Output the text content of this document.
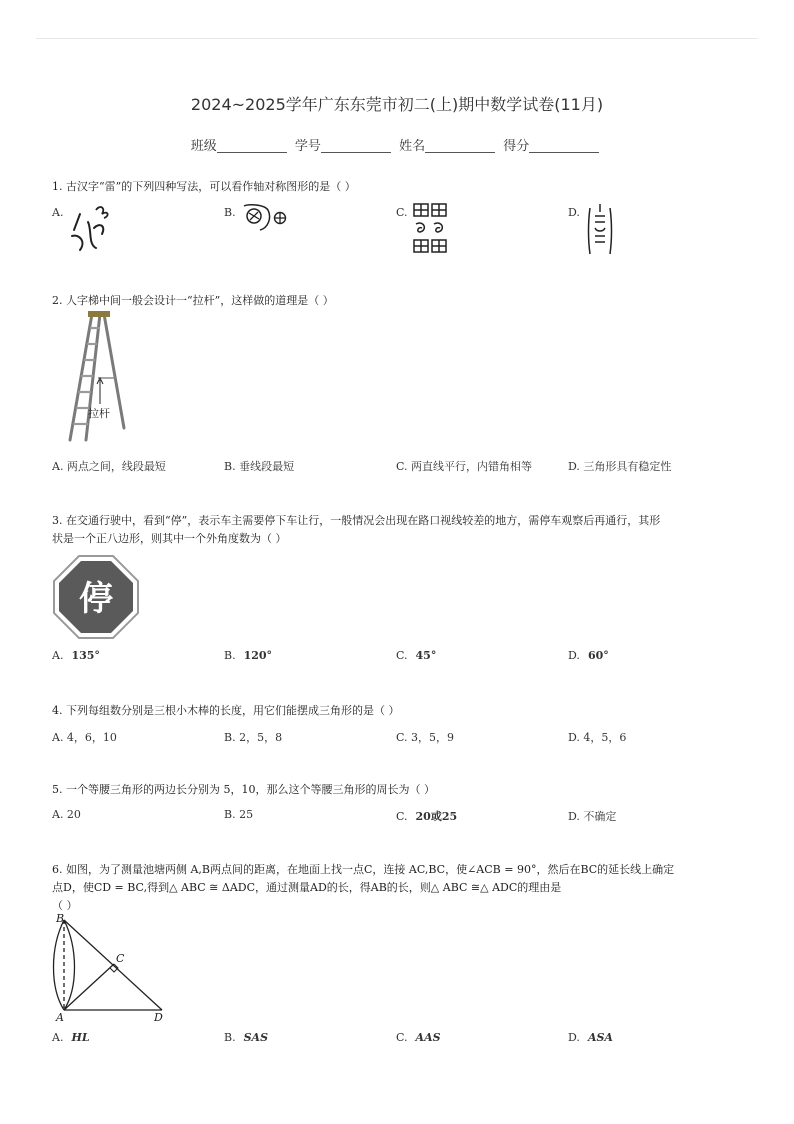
2024~2025学年广东东莞市初二(上)期中数学试卷(11月)
班级	学号	姓名	得分
1. 古汉字“雷”的下列四种写法，可以看作轴对称图形的是（ ）
A.	B.	C.	D.
2. 人字梯中间一般会设计一“拉杆”，这样做的道理是（ ）
拉杆
A. 两点之间，线段最短	B. 垂线段最短	C. 两直线平行，内错角相等	D. 三角形具有稳定性
3. 在交通行驶中，看到“停”，表示车主需要停下车让行，一般情况会出现在路口视线较差的地方，需停车观察后再通行，其形
状是一个正八边形，则其中一个外角度数为（ ）
停
A. 135°	B. 120°	C. 45°	D. 60°
4. 下列每组数分别是三根小木棒的长度，用它们能摆成三角形的是（ ）
A. 4，6，10	B. 2，5，8	C. 3，5，9	D. 4，5，6
5. 一个等腰三角形的两边长分别为 5，10，那么这个等腰三角形的周长为（ ）
A. 20	B. 25	C. 20或25	D. 不确定
6. 如图，为了测量池塘两侧 A,B两点间的距离，在地面上找一点C，连接 AC,BC，使∠ACB = 90°，然后在BC的延长线上确定
点D，使CD = BC,得到△ ABC ≅ ΔADC，通过测量AD的长，得AB的长，则△ ABC ≅△ ADC的理由是
（ ）
B
C
A	D
A. HL	B. SAS	C. AAS	D. ASA
